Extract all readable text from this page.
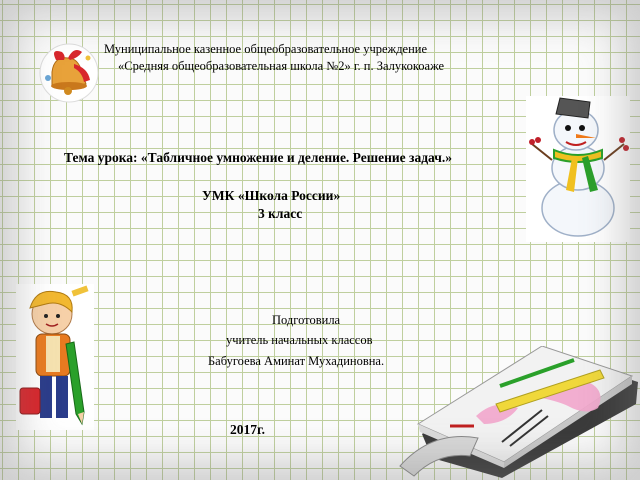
Муниципальное казенное общеобразовательное учреждение
«Средняя общеобразовательная школа №2» г. п. Залукокоаже
Тема урока: «Табличное умножение и деление. Решение задач.»
УМК «Школа России»
3 класс
Подготовила
учитель начальных классов
Бабугоева Аминат Мухадиновна.
2017г.
